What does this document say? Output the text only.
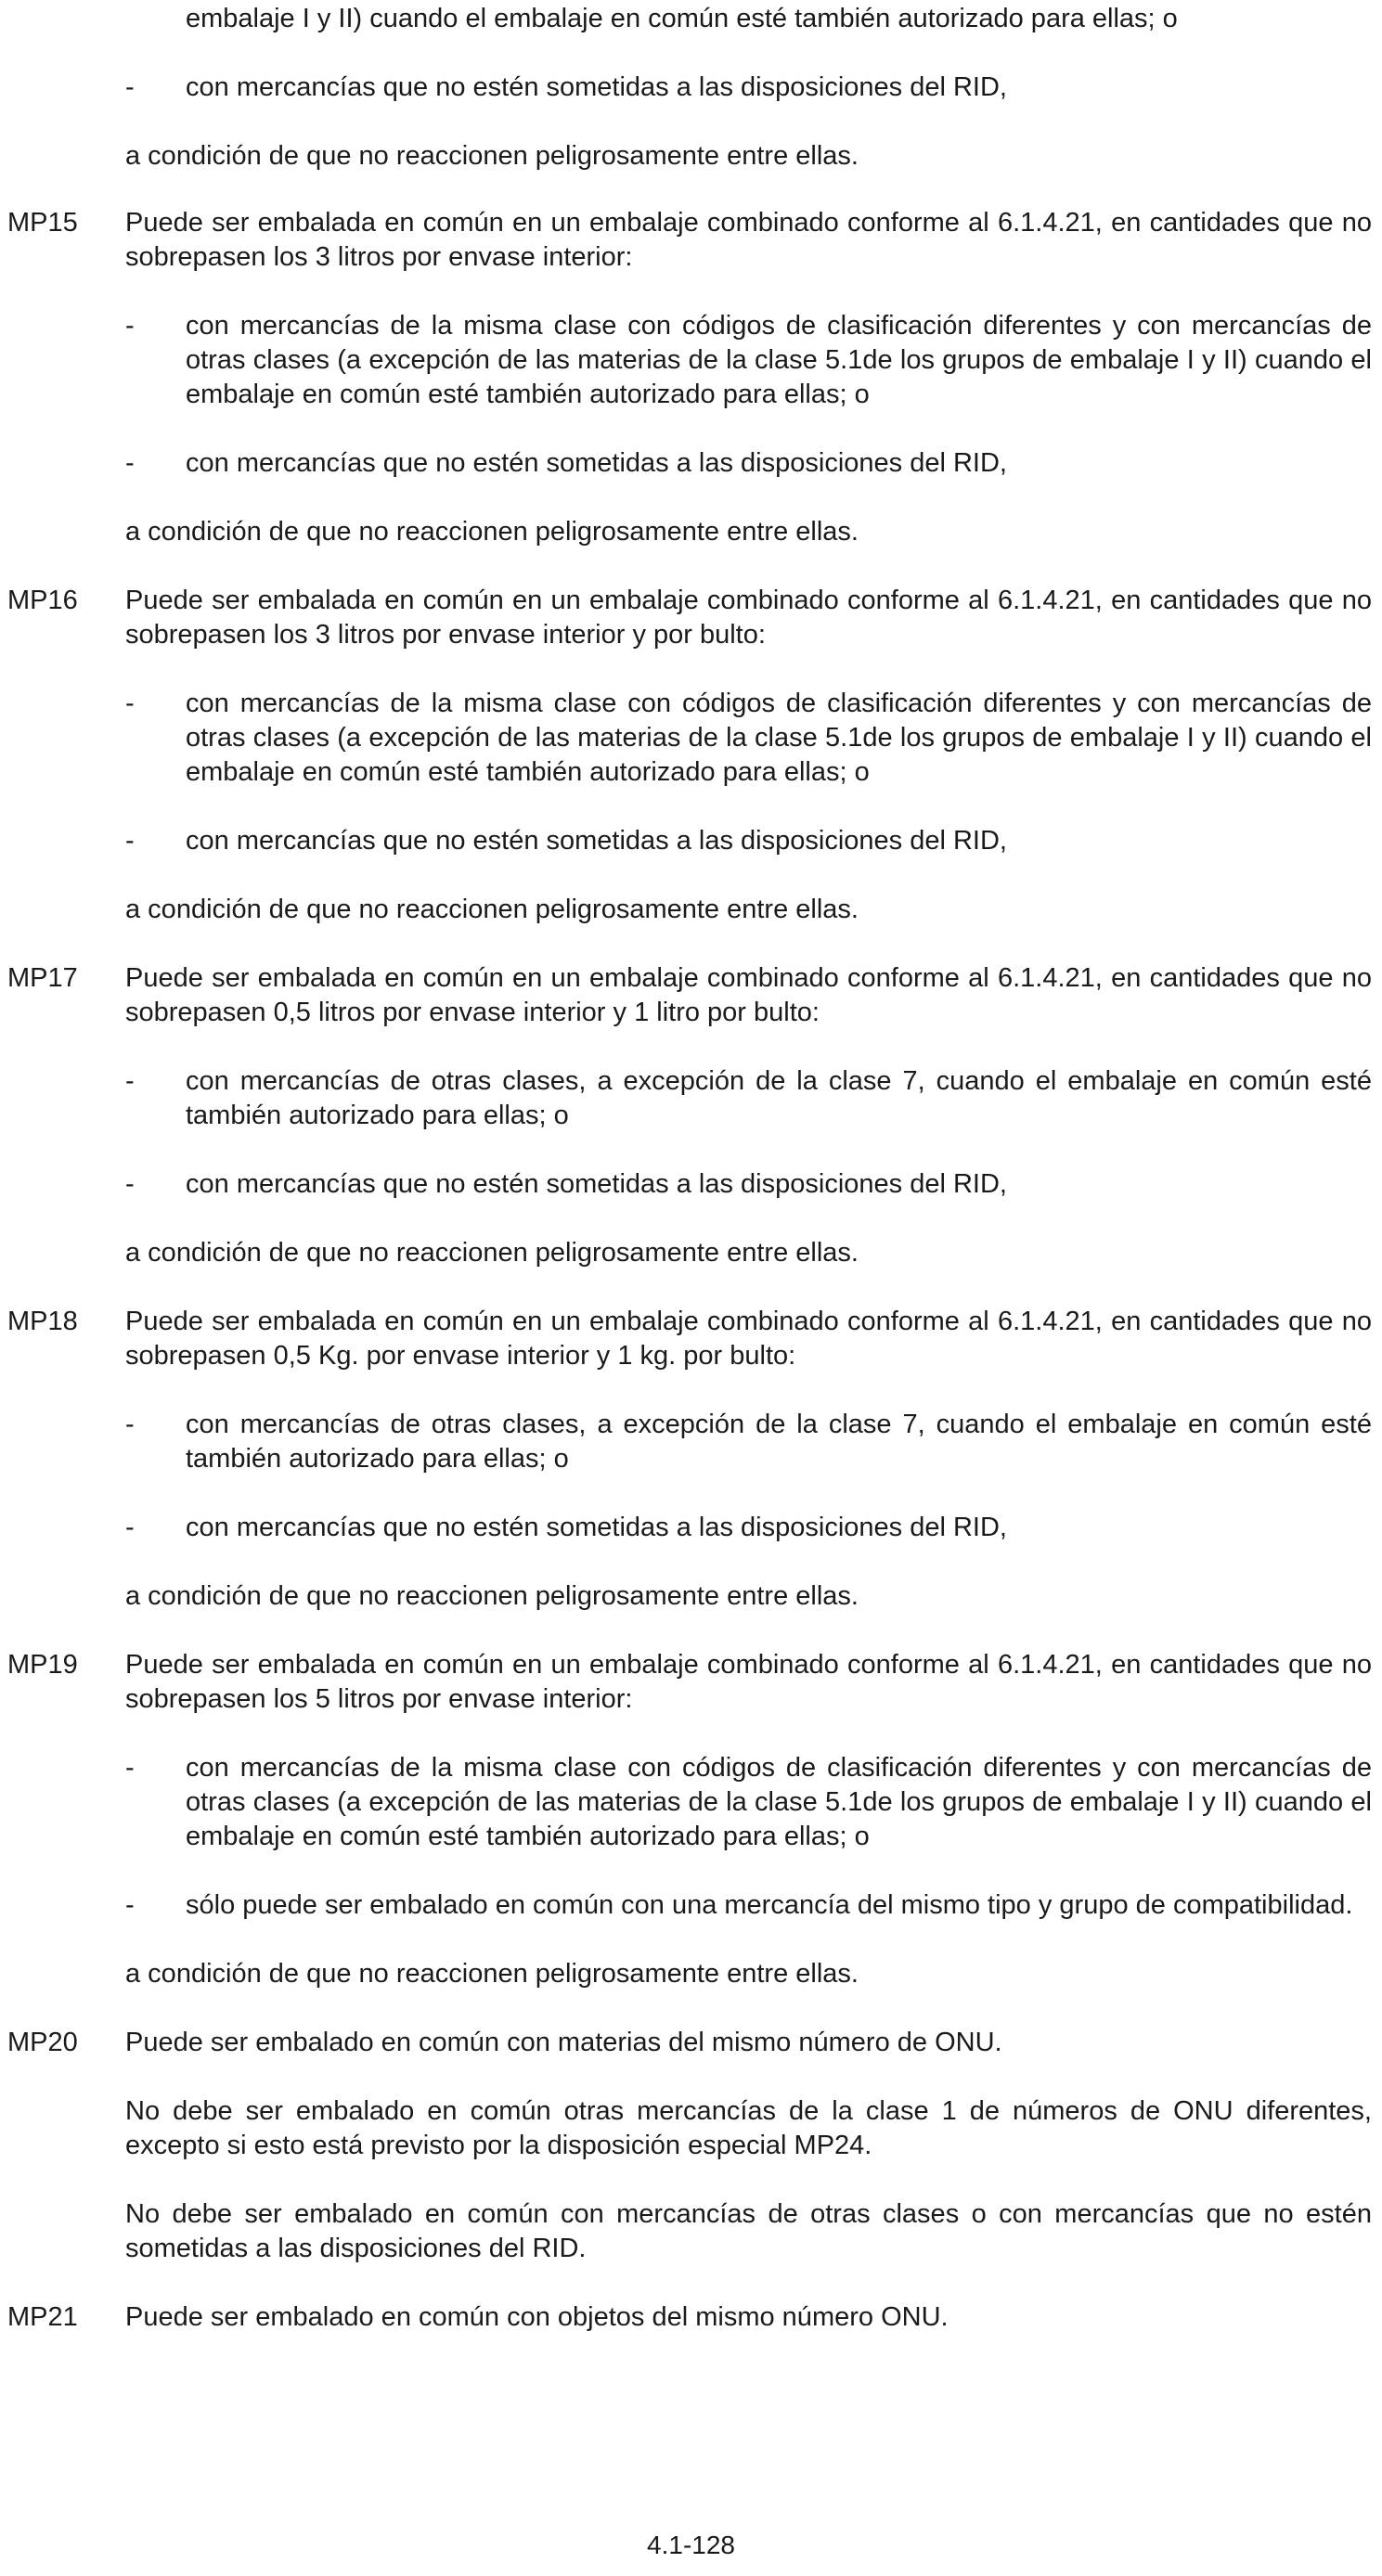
embalaje I y II) cuando el embalaje en común esté también autorizado para ellas; o
-	con mercancías que no estén sometidas a las disposiciones del RID,
a condición de que no reaccionen peligrosamente entre ellas.
MP15	Puede ser embalada en común en un embalaje combinado conforme al 6.1.4.21, en cantidades que no sobrepasen los 3 litros por envase interior:
-	con mercancías de la misma clase con códigos de clasificación diferentes y con mercancías de otras clases (a excepción de las materias de la clase 5.1de los grupos de embalaje I y II) cuando el embalaje en común esté también autorizado para ellas; o
-	con mercancías que no estén sometidas a las disposiciones del RID,
a condición de que no reaccionen peligrosamente entre ellas.
MP16	Puede ser embalada en común en un embalaje combinado conforme al 6.1.4.21, en cantidades que no sobrepasen los 3 litros por envase interior y por bulto:
-	con mercancías de la misma clase con códigos de clasificación diferentes y con mercancías de otras clases (a excepción de las materias de la clase 5.1de los grupos de embalaje I y II) cuando el embalaje en común esté también autorizado para ellas; o
-	con mercancías que no estén sometidas a las disposiciones del RID,
a condición de que no reaccionen peligrosamente entre ellas.
MP17	Puede ser embalada en común en un embalaje combinado conforme al 6.1.4.21, en cantidades que no sobrepasen 0,5 litros por envase interior y 1 litro por bulto:
-	con mercancías de otras clases, a excepción de la clase 7, cuando el embalaje en común esté también autorizado para ellas; o
-	con mercancías que no estén sometidas a las disposiciones del RID,
a condición de que no reaccionen peligrosamente entre ellas.
MP18	Puede ser embalada en común en un embalaje combinado conforme al 6.1.4.21, en cantidades que no sobrepasen 0,5 Kg. por envase interior y 1 kg. por bulto:
-	con mercancías de otras clases, a excepción de la clase 7, cuando el embalaje en común esté también autorizado para ellas; o
-	con mercancías que no estén sometidas a las disposiciones del RID,
a condición de que no reaccionen peligrosamente entre ellas.
MP19	Puede ser embalada en común en un embalaje combinado conforme al 6.1.4.21, en cantidades que no sobrepasen los 5 litros por envase interior:
-	con mercancías de la misma clase con códigos de clasificación diferentes y con mercancías de otras clases (a excepción de las materias de la clase 5.1de los grupos de embalaje I y II) cuando el embalaje en común esté también autorizado para ellas; o
-	sólo puede ser embalado en común con una mercancía del mismo tipo y grupo de compatibilidad.
a condición de que no reaccionen peligrosamente entre ellas.
MP20	Puede ser embalado en común con materias del mismo número de ONU.
No debe ser embalado en común otras mercancías de la clase 1 de números de ONU diferentes, excepto si esto está previsto por la disposición especial MP24.
No debe ser embalado en común con mercancías de otras clases o con mercancías que no estén sometidas a las disposiciones del RID.
MP21	Puede ser embalado en común con objetos del mismo número ONU.
4.1-128
